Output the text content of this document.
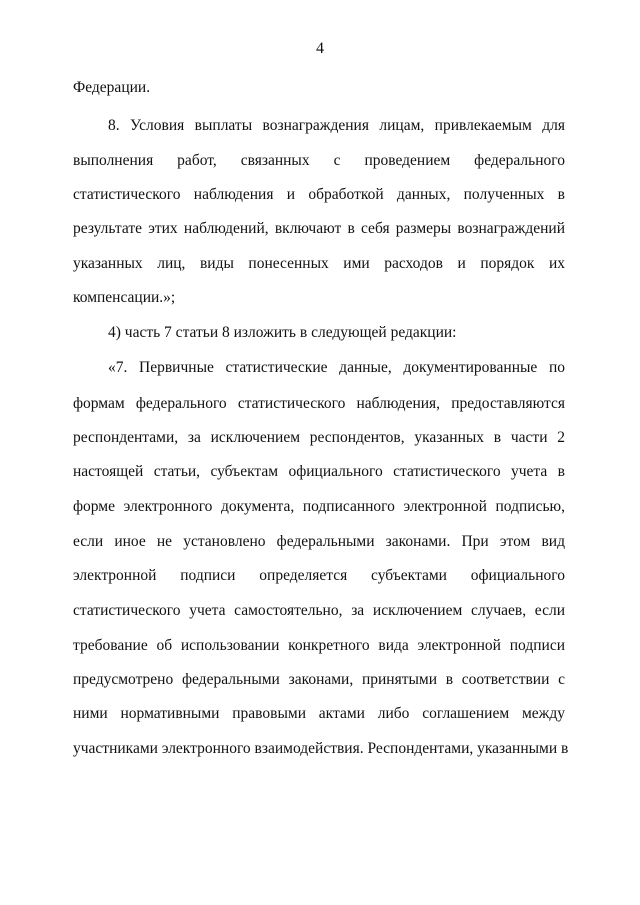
4
Федерации.
8. Условия выплаты вознаграждения лицам, привлекаемым для
выполнения работ, связанных с проведением федерального
статистического наблюдения и обработкой данных, полученных в
результате этих наблюдений, включают в себя размеры вознаграждений
указанных лиц, виды понесенных ими расходов и порядок их
компенсации.»;
4) часть 7 статьи 8 изложить в следующей редакции:
«7. Первичные статистические данные, документированные по
формам федерального статистического наблюдения, предоставляются
респондентами, за исключением респондентов, указанных в части 2
настоящей статьи, субъектам официального статистического учета в
форме электронного документа, подписанного электронной подписью,
если иное не установлено федеральными законами. При этом вид
электронной подписи определяется субъектами официального
статистического учета самостоятельно, за исключением случаев, если
требование об использовании конкретного вида электронной подписи
предусмотрено федеральными законами, принятыми в соответствии с
ними нормативными правовыми актами либо соглашением между
участниками электронного взаимодействия. Респондентами, указанными в
